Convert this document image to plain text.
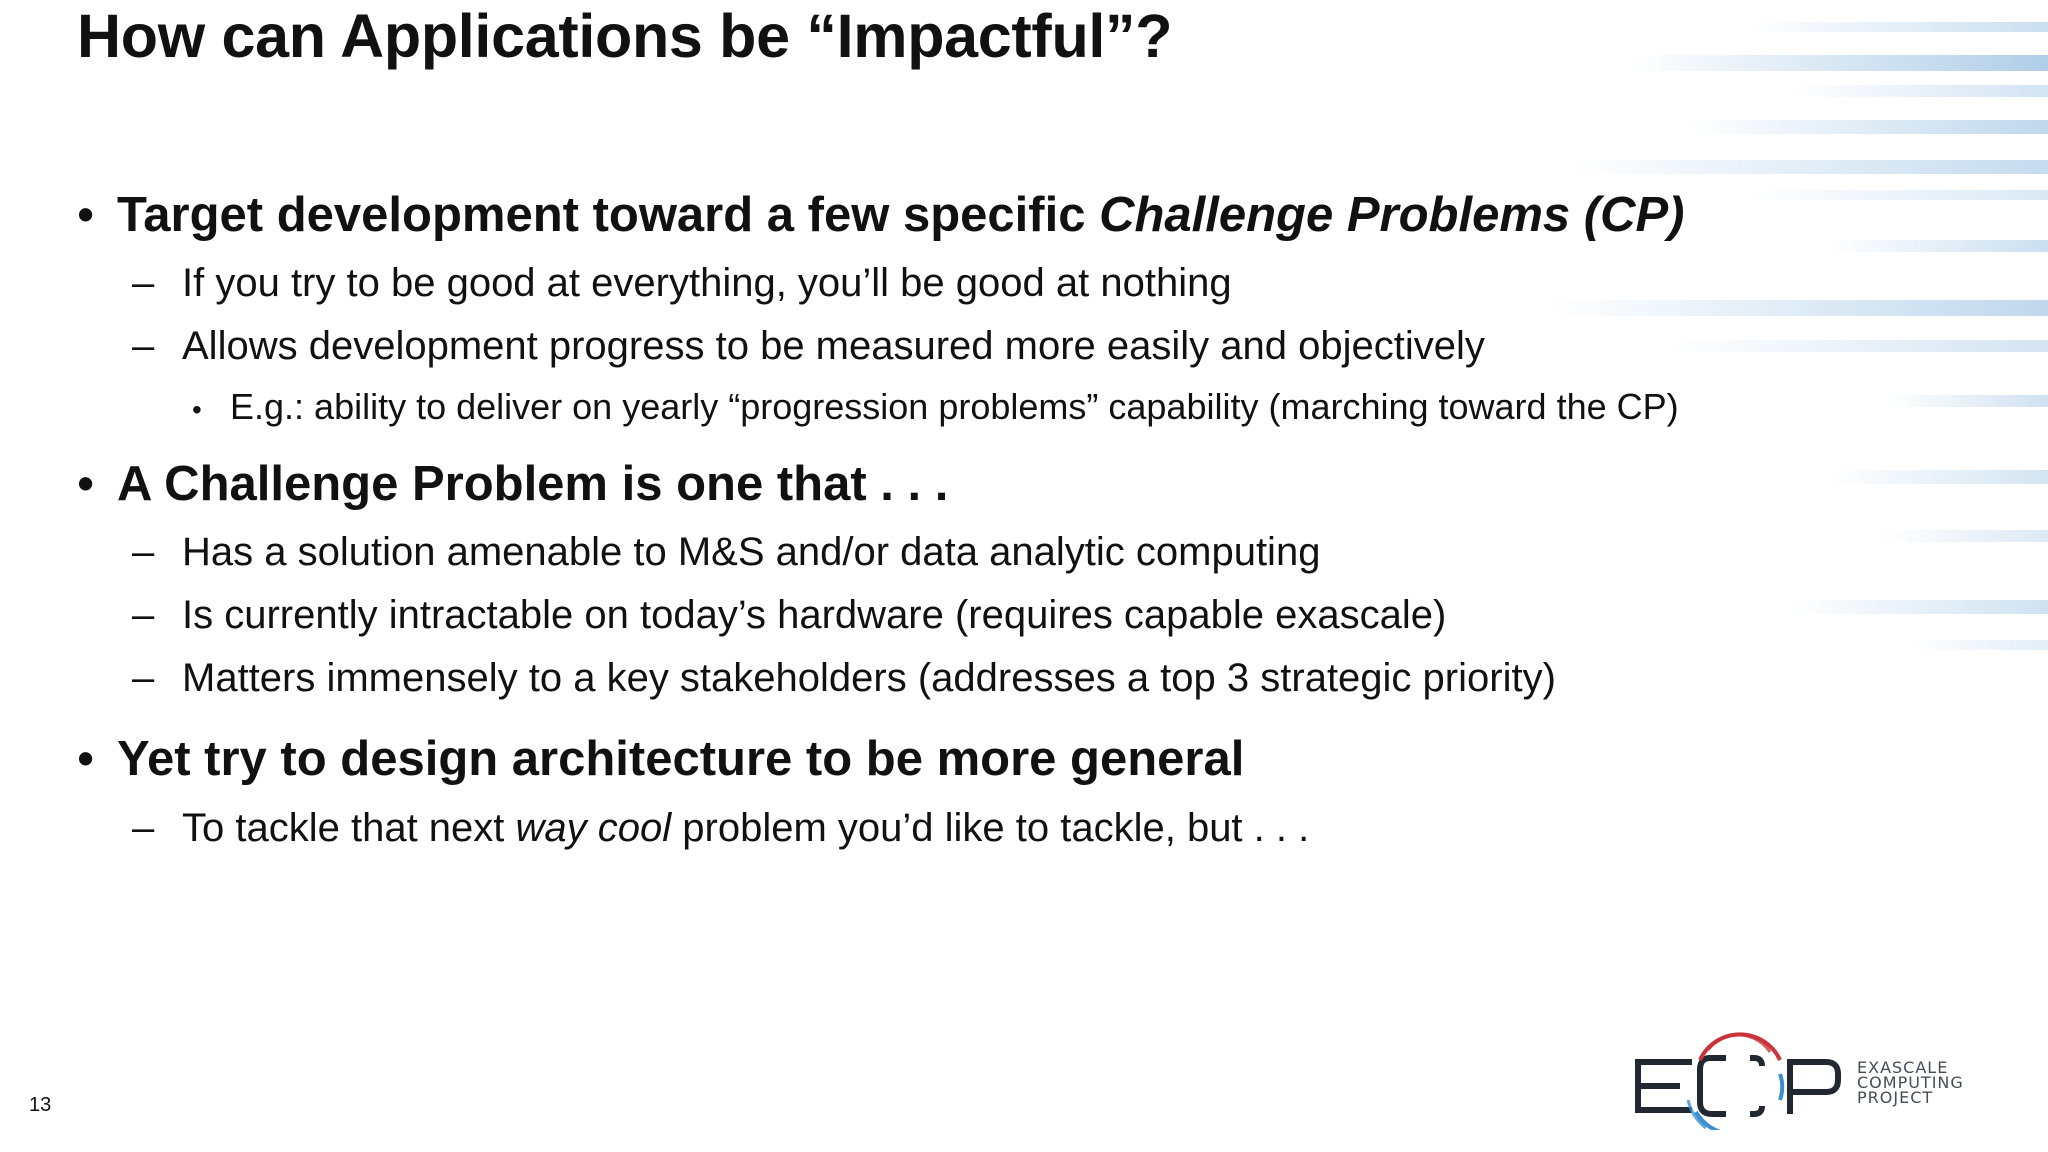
How can Applications be “Impactful”?
• Target development toward a few specific Challenge Problems (CP)
– If you try to be good at everything, you’ll be good at nothing
– Allows development progress to be measured more easily and objectively
• E.g.: ability to deliver on yearly “progression problems” capability (marching toward the CP)
• A Challenge Problem is one that . . .
– Has a solution amenable to M&S and/or data analytic computing
– Is currently intractable on today’s hardware (requires capable exascale)
– Matters immensely to a key stakeholders (addresses a top 3 strategic priority)
• Yet try to design architecture to be more general
– To tackle that next way cool problem you’d like to tackle, but . . .
13
EXASCALE
COMPUTING
PROJECT
